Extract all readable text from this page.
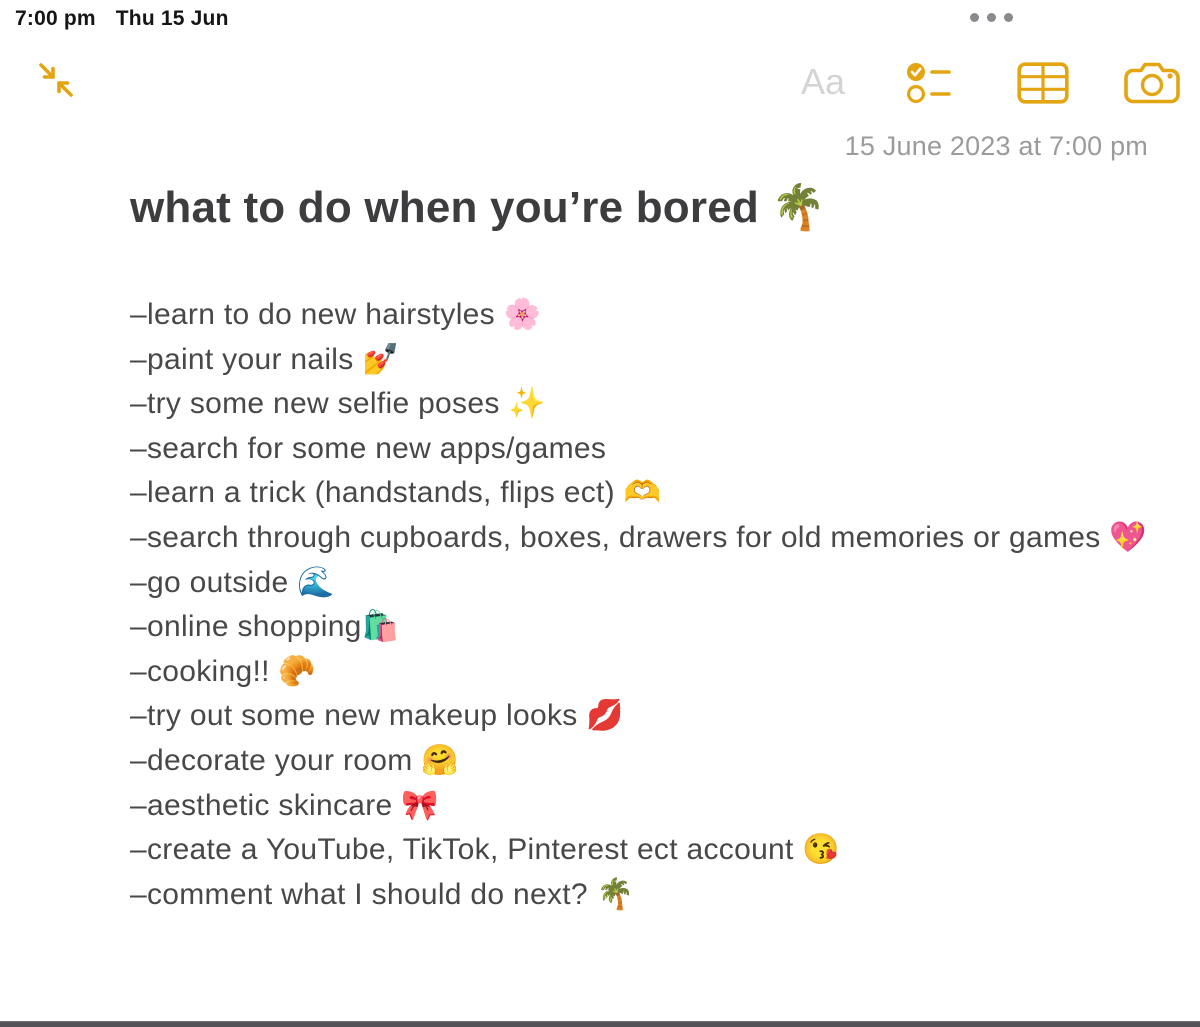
7:00 pm Thu 15 Jun
Aa
15 June 2023 at 7:00 pm
what to do when you’re bored 🌴
–learn to do new hairstyles 🌸
–paint your nails 💅
–try some new selfie poses ✨
–search for some new apps/games
–learn a trick (handstands, flips ect) 🫶
–search through cupboards, boxes, drawers for old memories or games 💖
–go outside 🌊
–online shopping🛍️
–cooking!! 🥐
–try out some new makeup looks 💋
–decorate your room 🤗
–aesthetic skincare 🎀
–create a YouTube, TikTok, Pinterest ect account 😘
–comment what I should do next? 🌴
